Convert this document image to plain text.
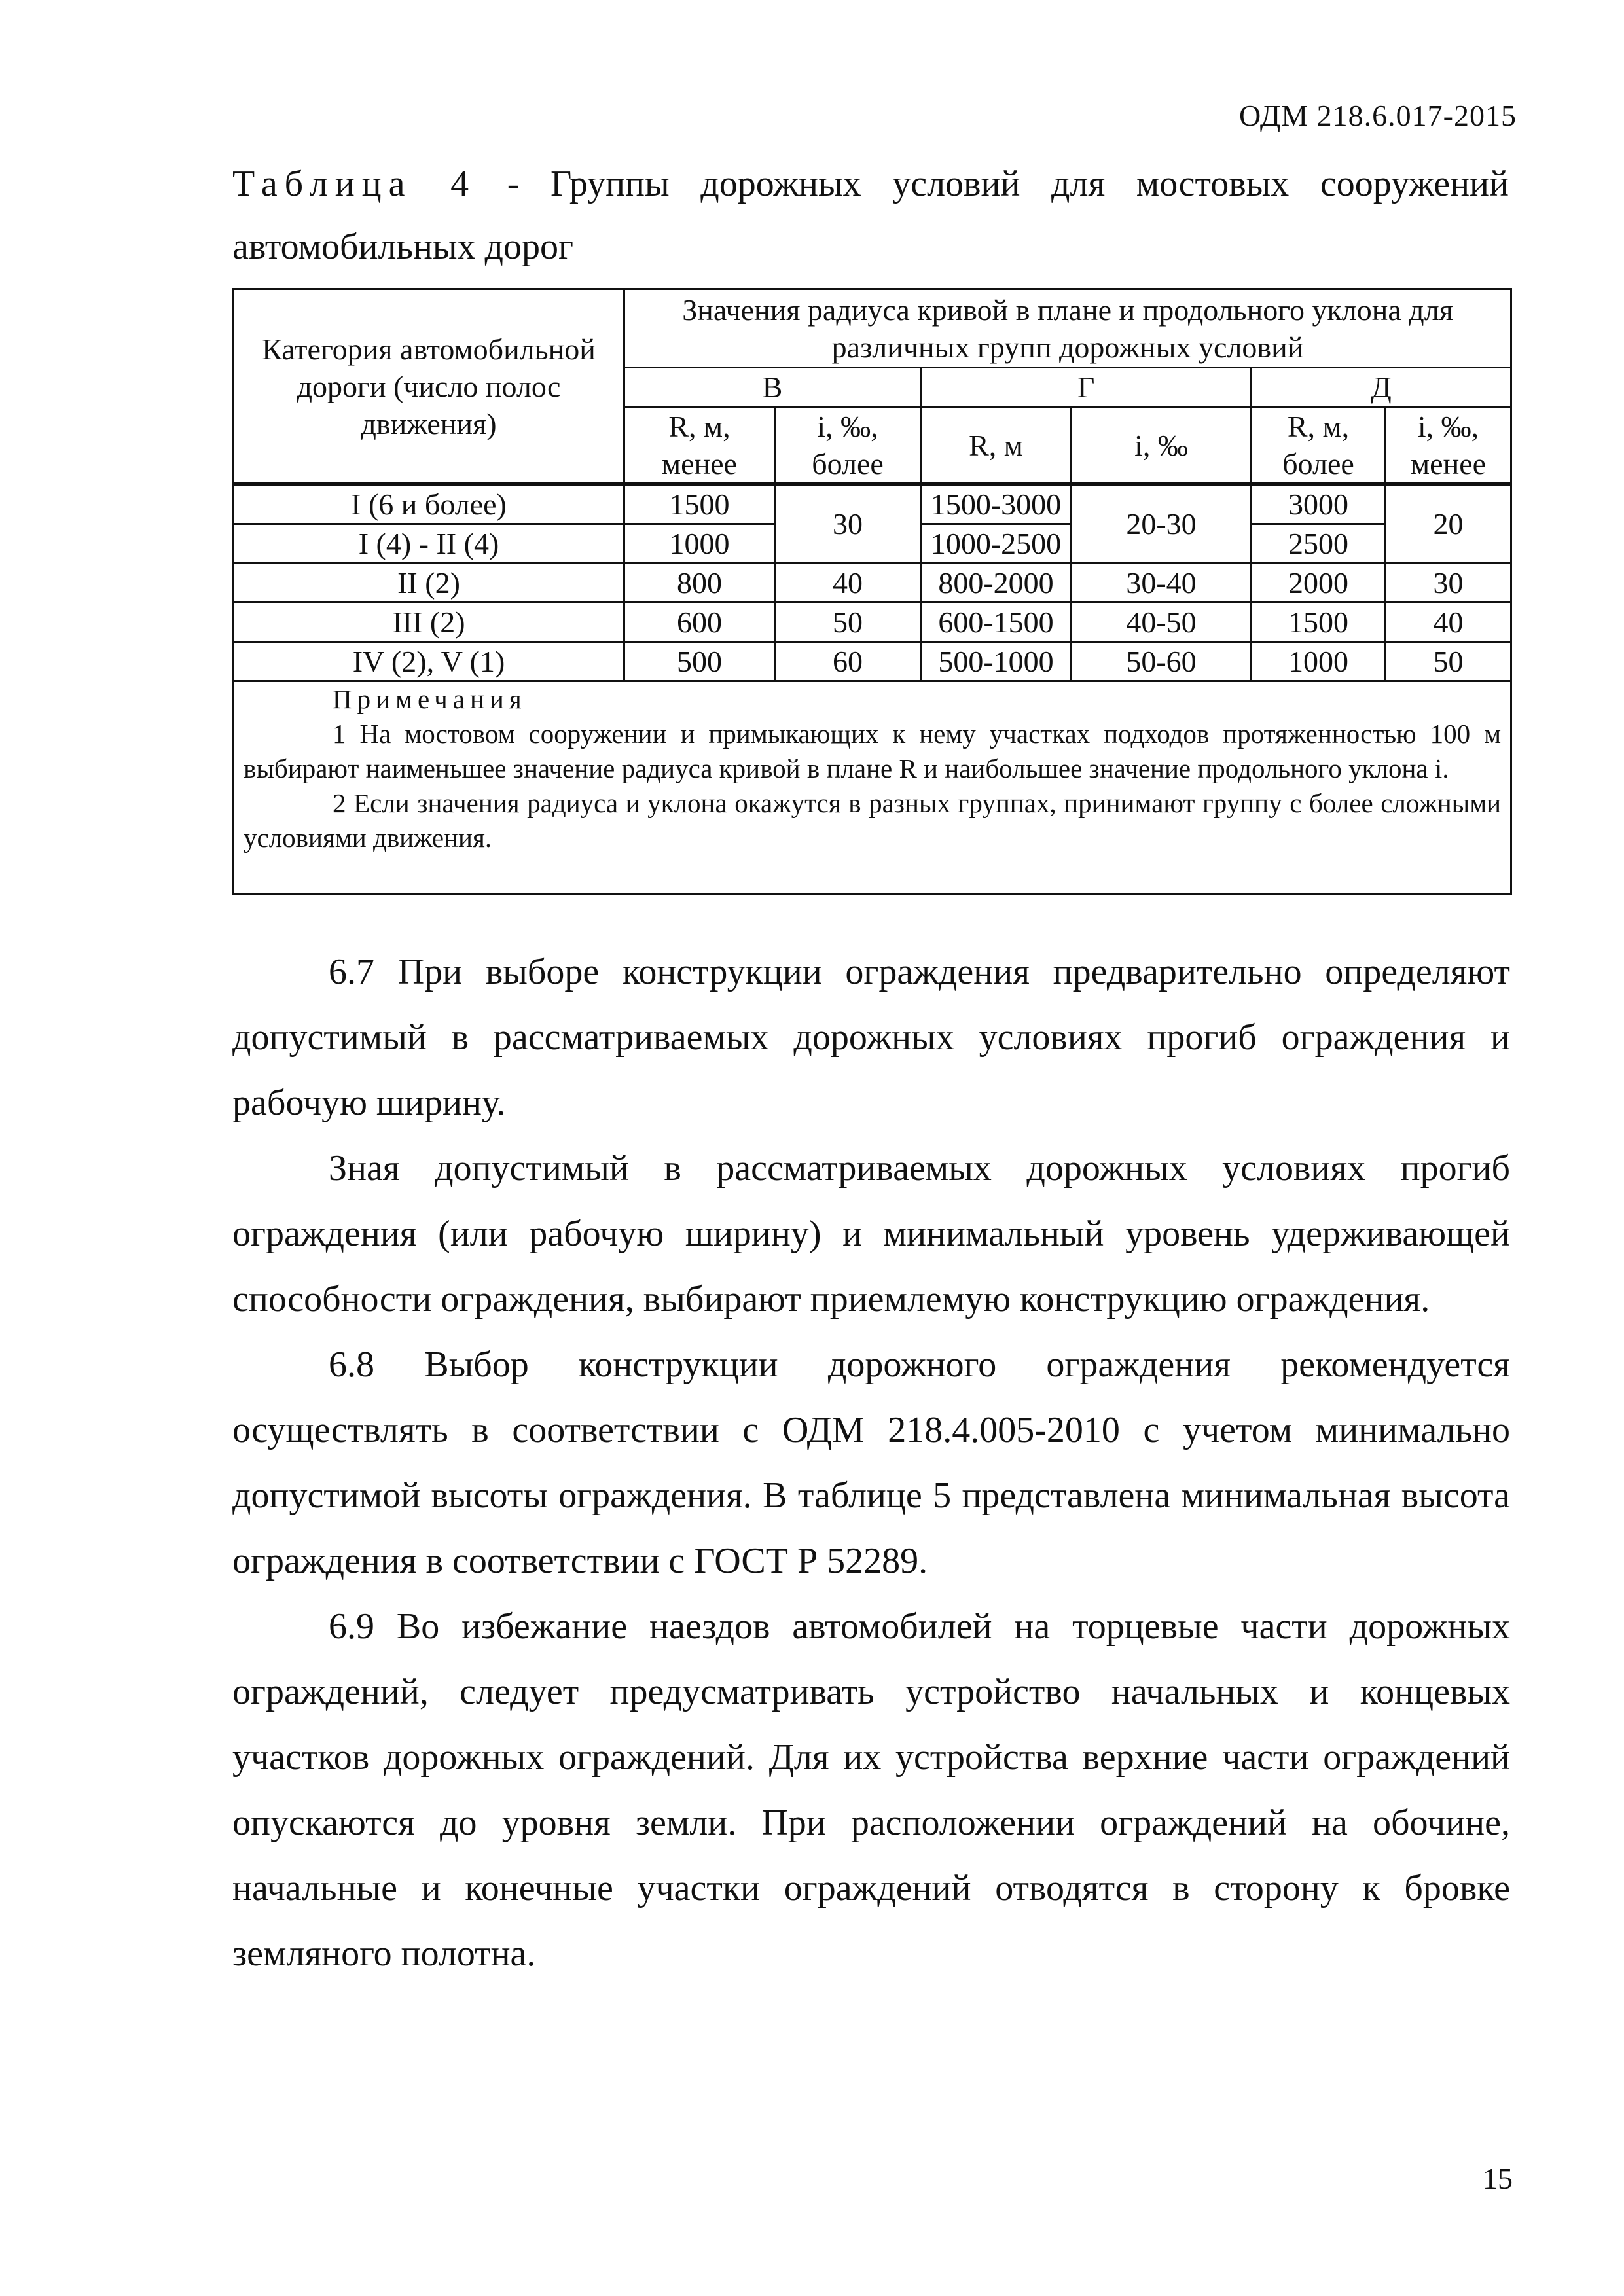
ОДМ 218.6.017-2015
Таблица 4 - Группы дорожных условий для мостовых сооружений автомобильных дорог
Категория автомобильной дороги (число полос движения)	Значения радиуса кривой в плане и продольного уклона для различных групп дорожных условий					
	В		Г		Д	
	R, м, менее	i, ‰, более	R, м	i, ‰	R, м, более	i, ‰, менее
I (6 и более)	1500	30	1500-3000	20-30	3000	20
I (4) - II (4)	1000		1000-2500		2500	
II (2)	800	40	800-2000	30-40	2000	30
III (2)	600	50	600-1500	40-50	1500	40
IV (2), V (1)	500	60	500-1000	50-60	1000	50

Примечания

1 На мостовом сооружении и примыкающих к нему участках подходов протяженностью 100 м выбирают наименьшее значение радиуса кривой в плане R и наибольшее значение продольного уклона i.

2 Если значения радиуса и уклона окажутся в разных группах, принимают группу с более сложными условиями движения.						

6.7 При выборе конструкции ограждения предварительно определяют допустимый в рассматриваемых дорожных условиях прогиб ограждения и рабочую ширину.

Зная допустимый в рассматриваемых дорожных условиях прогиб ограждения (или рабочую ширину) и минимальный уровень удерживающей способности ограждения, выбирают приемлемую конструкцию ограждения.

6.8 Выбор конструкции дорожного ограждения рекомендуется осуществлять в соответствии с ОДМ 218.4.005-2010 с учетом минимально допустимой высоты ограждения. В таблице 5 представлена минимальная высота ограждения в соответствии с ГОСТ Р 52289.

6.9 Во избежание наездов автомобилей на торцевые части дорожных ограждений, следует предусматривать устройство начальных и концевых участков дорожных ограждений. Для их устройства верхние части ограждений опускаются до уровня земли. При расположении ограждений на обочине, начальные и конечные участки ограждений отводятся в сторону к бровке земляного полотна.

15
